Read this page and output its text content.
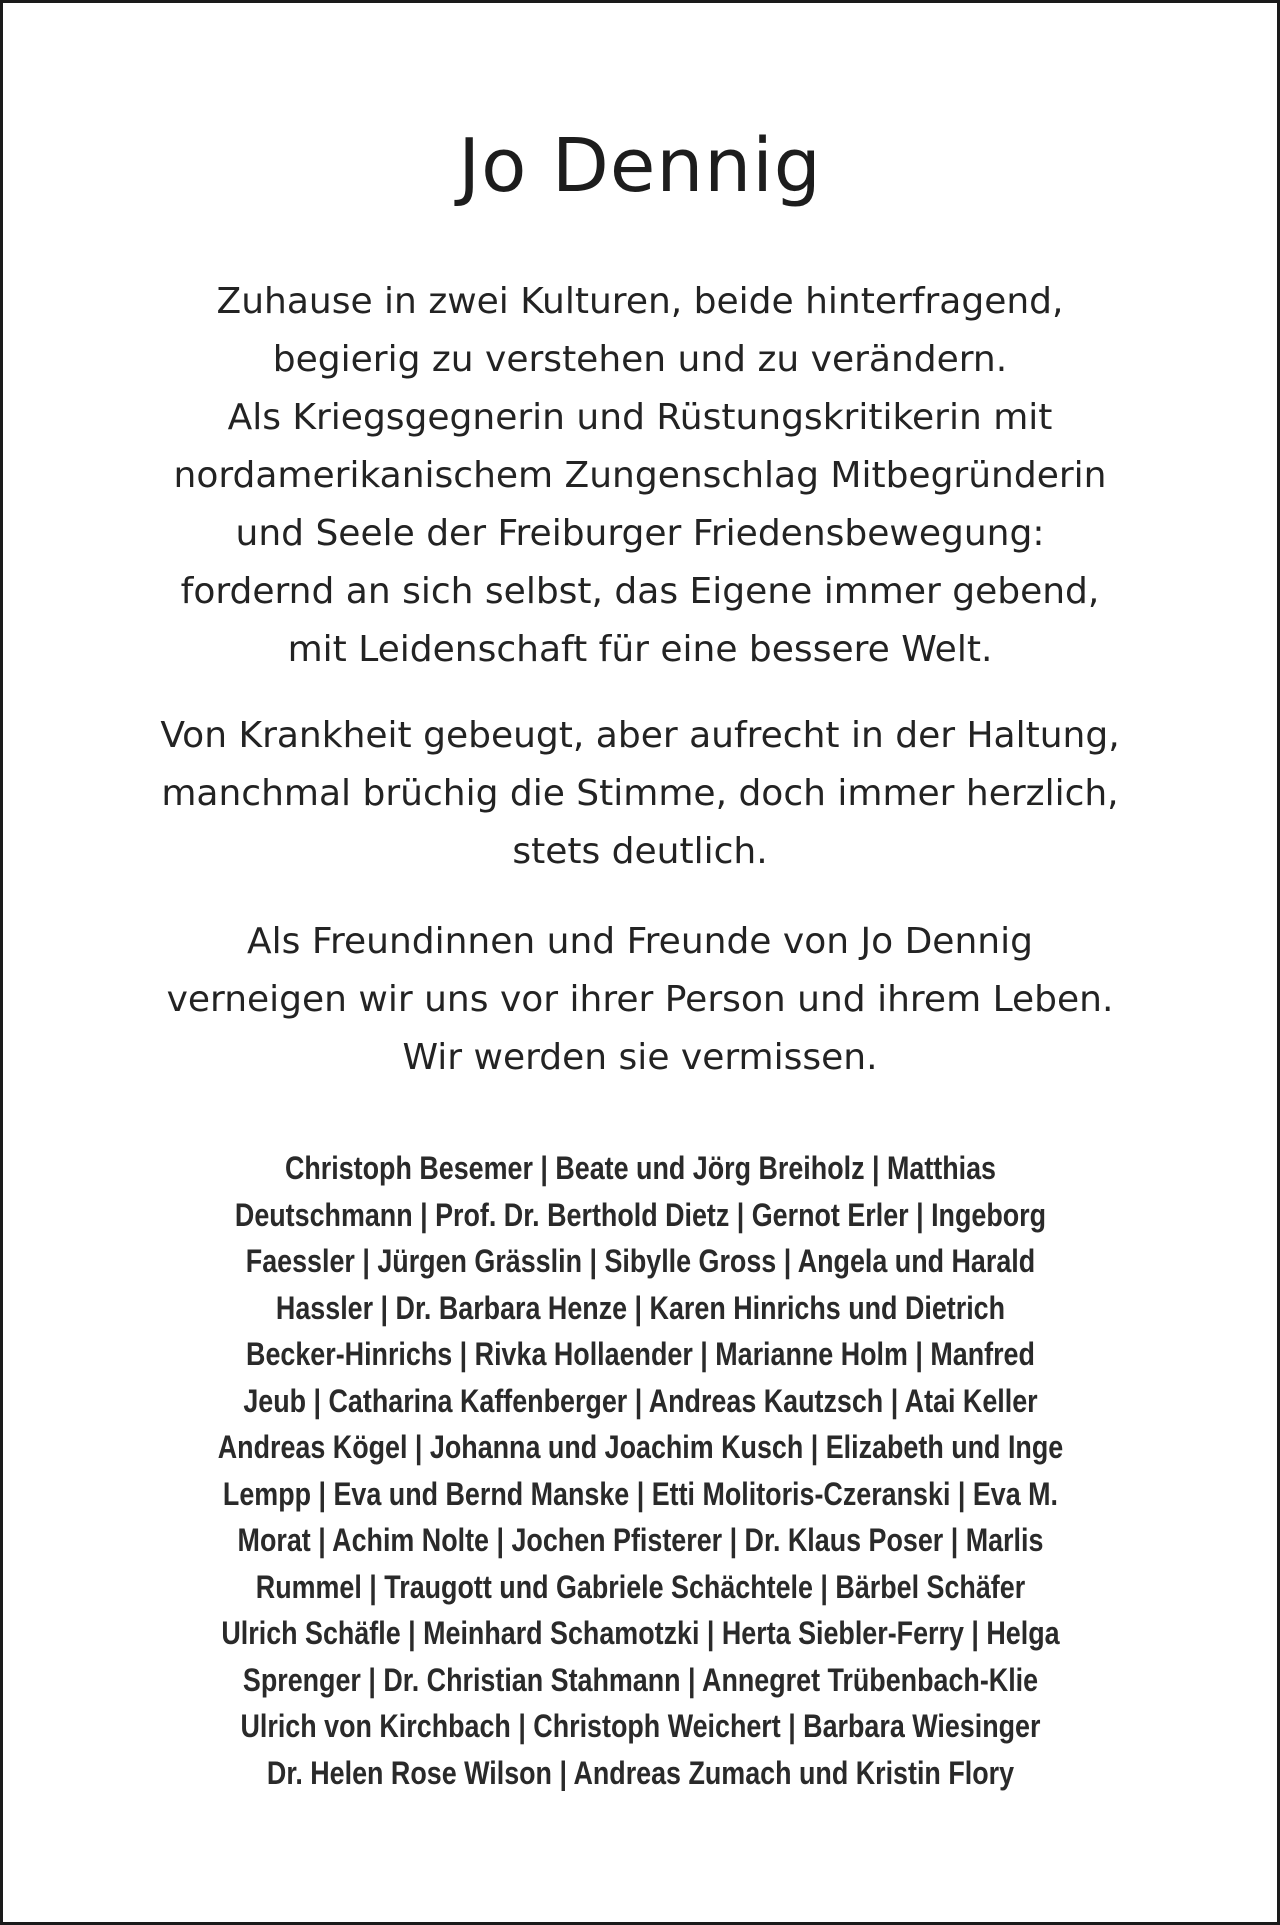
Jo Dennig

Zuhause in zwei Kulturen, beide hinterfragend,
begierig zu verstehen und zu verändern.
Als Kriegsgegnerin und Rüstungskritikerin mit
nordamerikanischem Zungenschlag Mitbegründerin
und Seele der Freiburger Friedensbewegung:
fordernd an sich selbst, das Eigene immer gebend,
mit Leidenschaft für eine bessere Welt.

Von Krankheit gebeugt, aber aufrecht in der Haltung,
manchmal brüchig die Stimme, doch immer herzlich,
stets deutlich.

Als Freundinnen und Freunde von Jo Dennig
verneigen wir uns vor ihrer Person und ihrem Leben.
Wir werden sie vermissen.

Christoph Besemer | Beate und Jörg Breiholz | Matthias
Deutschmann | Prof. Dr. Berthold Dietz | Gernot Erler | Ingeborg
Faessler | Jürgen Grässlin | Sibylle Gross | Angela und Harald
Hassler | Dr. Barbara Henze | Karen Hinrichs und Dietrich
Becker-Hinrichs | Rivka Hollaender | Marianne Holm | Manfred
Jeub | Catharina Kaffenberger | Andreas Kautzsch | Atai Keller
Andreas Kögel | Johanna und Joachim Kusch | Elizabeth und Inge
Lempp | Eva und Bernd Manske | Etti Molitoris-Czeranski | Eva M.
Morat | Achim Nolte | Jochen Pfisterer | Dr. Klaus Poser | Marlis
Rummel | Traugott und Gabriele Schächtele | Bärbel Schäfer
Ulrich Schäfle | Meinhard Schamotzki | Herta Siebler-Ferry | Helga
Sprenger | Dr. Christian Stahmann | Annegret Trübenbach-Klie
Ulrich von Kirchbach | Christoph Weichert | Barbara Wiesinger
Dr. Helen Rose Wilson | Andreas Zumach und Kristin Flory
